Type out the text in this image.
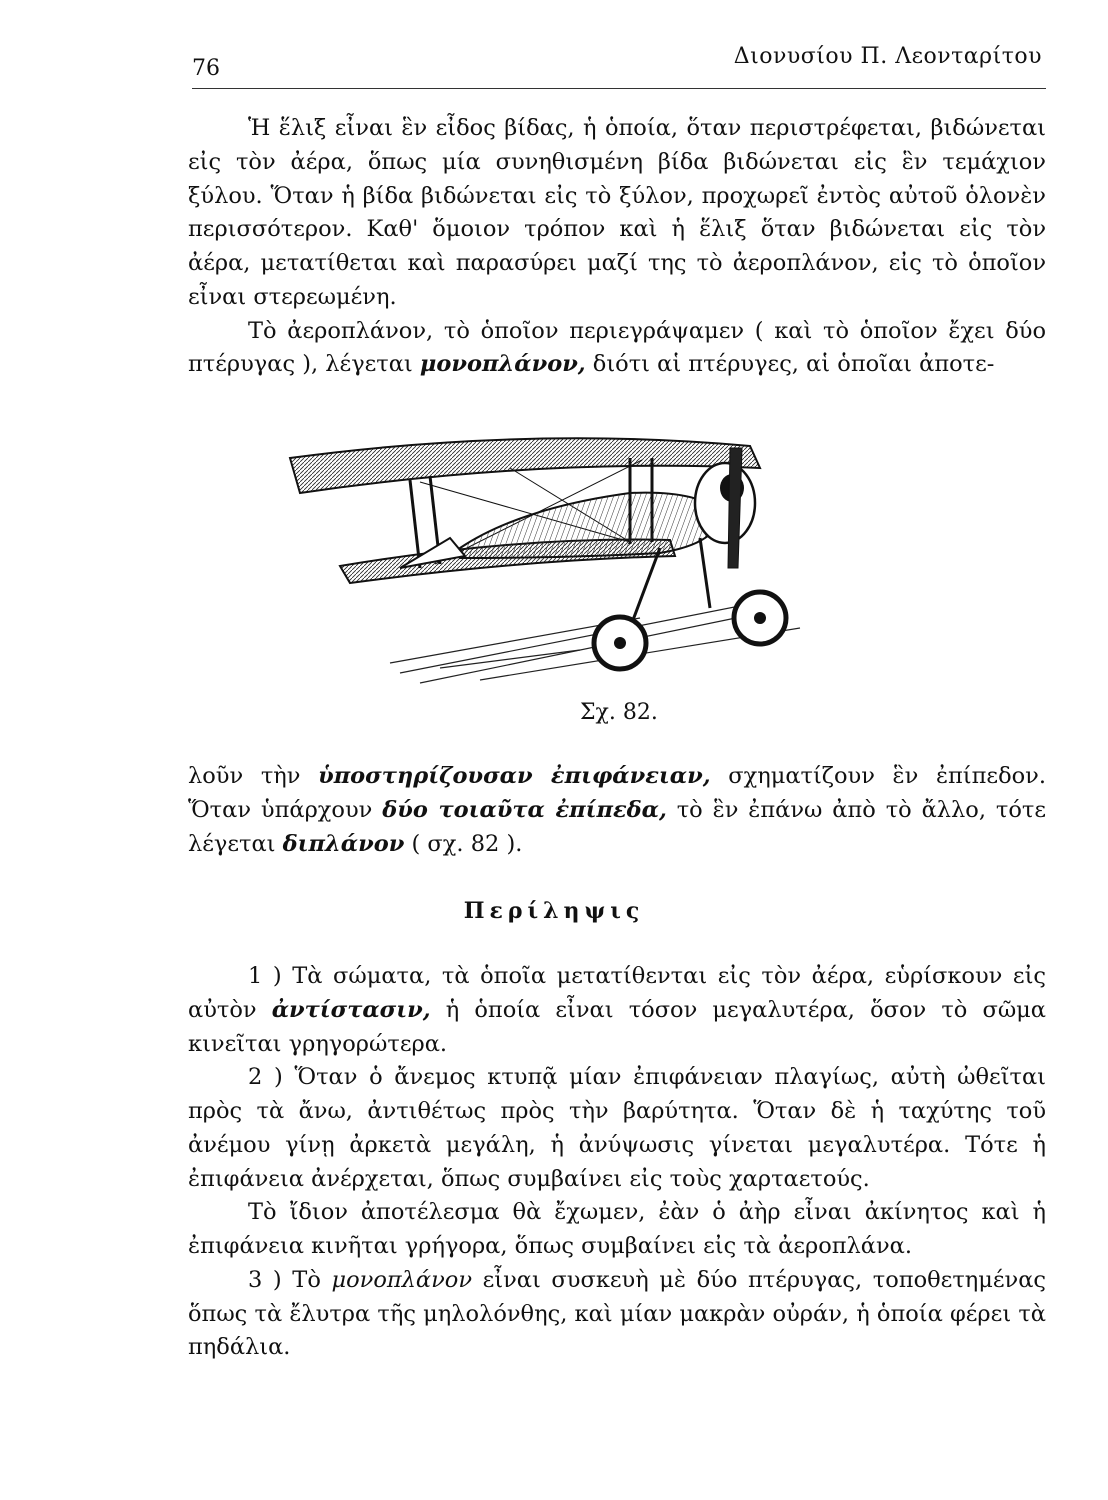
76	Διονυσίου Π. Λεονταρίτου

Ἡ ἕλιξ εἶναι ἓν εἶδος βίδας, ἡ ὁποία, ὅταν περιστρέφεται, βιδώνεται εἰς τὸν ἀέρα, ὅπως μία συνηθισμένη βίδα βιδώνεται εἰς ἓν τεμάχιον ξύλου. Ὅταν ἡ βίδα βιδώνεται εἰς τὸ ξύλον, προχωρεῖ ἐντὸς αὐτοῦ ὁλονὲν περισσότερον. Καθ' ὅμοιον τρόπον καὶ ἡ ἕλιξ ὅταν βιδώνεται εἰς τὸν ἀέρα, μετατίθεται καὶ παρασύρει μαζί της τὸ ἀεροπλάνον, εἰς τὸ ὁποῖον εἶναι στερεωμένη.

Τὸ ἀεροπλάνον, τὸ ὁποῖον περιεγράψαμεν ( καὶ τὸ ὁποῖον ἔχει δύο πτέρυγας ), λέγεται μονοπλάνον, διότι αἱ πτέρυγες, αἱ ὁποῖαι ἀποτε-

Σχ. 82.

λοῦν τὴν ὑποστηρίζουσαν ἐπιφάνειαν, σχηματίζουν ἓν ἐπίπεδον. Ὅταν ὑπάρχουν δύο τοιαῦτα ἐπίπεδα, τὸ ἓν ἐπάνω ἀπὸ τὸ ἄλλο, τότε λέγεται διπλάνον ( σχ. 82 ).

Περίληψις

1 ) Τὰ σώματα, τὰ ὁποῖα μετατίθενται εἰς τὸν ἀέρα, εὑρίσκουν εἰς αὐτὸν ἀντίστασιν, ἡ ὁποία εἶναι τόσον μεγαλυτέρα, ὅσον τὸ σῶμα κινεῖται γρηγορώτερα.

2 ) Ὅταν ὁ ἄνεμος κτυπᾷ μίαν ἐπιφάνειαν πλαγίως, αὐτὴ ὠθεῖται πρὸς τὰ ἄνω, ἀντιθέτως πρὸς τὴν βαρύτητα. Ὅταν δὲ ἡ ταχύτης τοῦ ἀνέμου γίνῃ ἀρκετὰ μεγάλη, ἡ ἀνύψωσις γίνεται μεγαλυτέρα. Τότε ἡ ἐπιφάνεια ἀνέρχεται, ὅπως συμβαίνει εἰς τοὺς χαρταετούς.

Τὸ ἴδιον ἀποτέλεσμα θὰ ἔχωμεν, ἐὰν ὁ ἀὴρ εἶναι ἀκίνητος καὶ ἡ ἐπιφάνεια κινῆται γρήγορα, ὅπως συμβαίνει εἰς τὰ ἀεροπλάνα.

3 ) Τὸ μονοπλάνον εἶναι συσκευὴ μὲ δύο πτέρυγας, τοποθετημένας ὅπως τὰ ἔλυτρα τῆς μηλολόνθης, καὶ μίαν μακρὰν οὐράν, ἡ ὁποία φέρει τὰ πηδάλια.
